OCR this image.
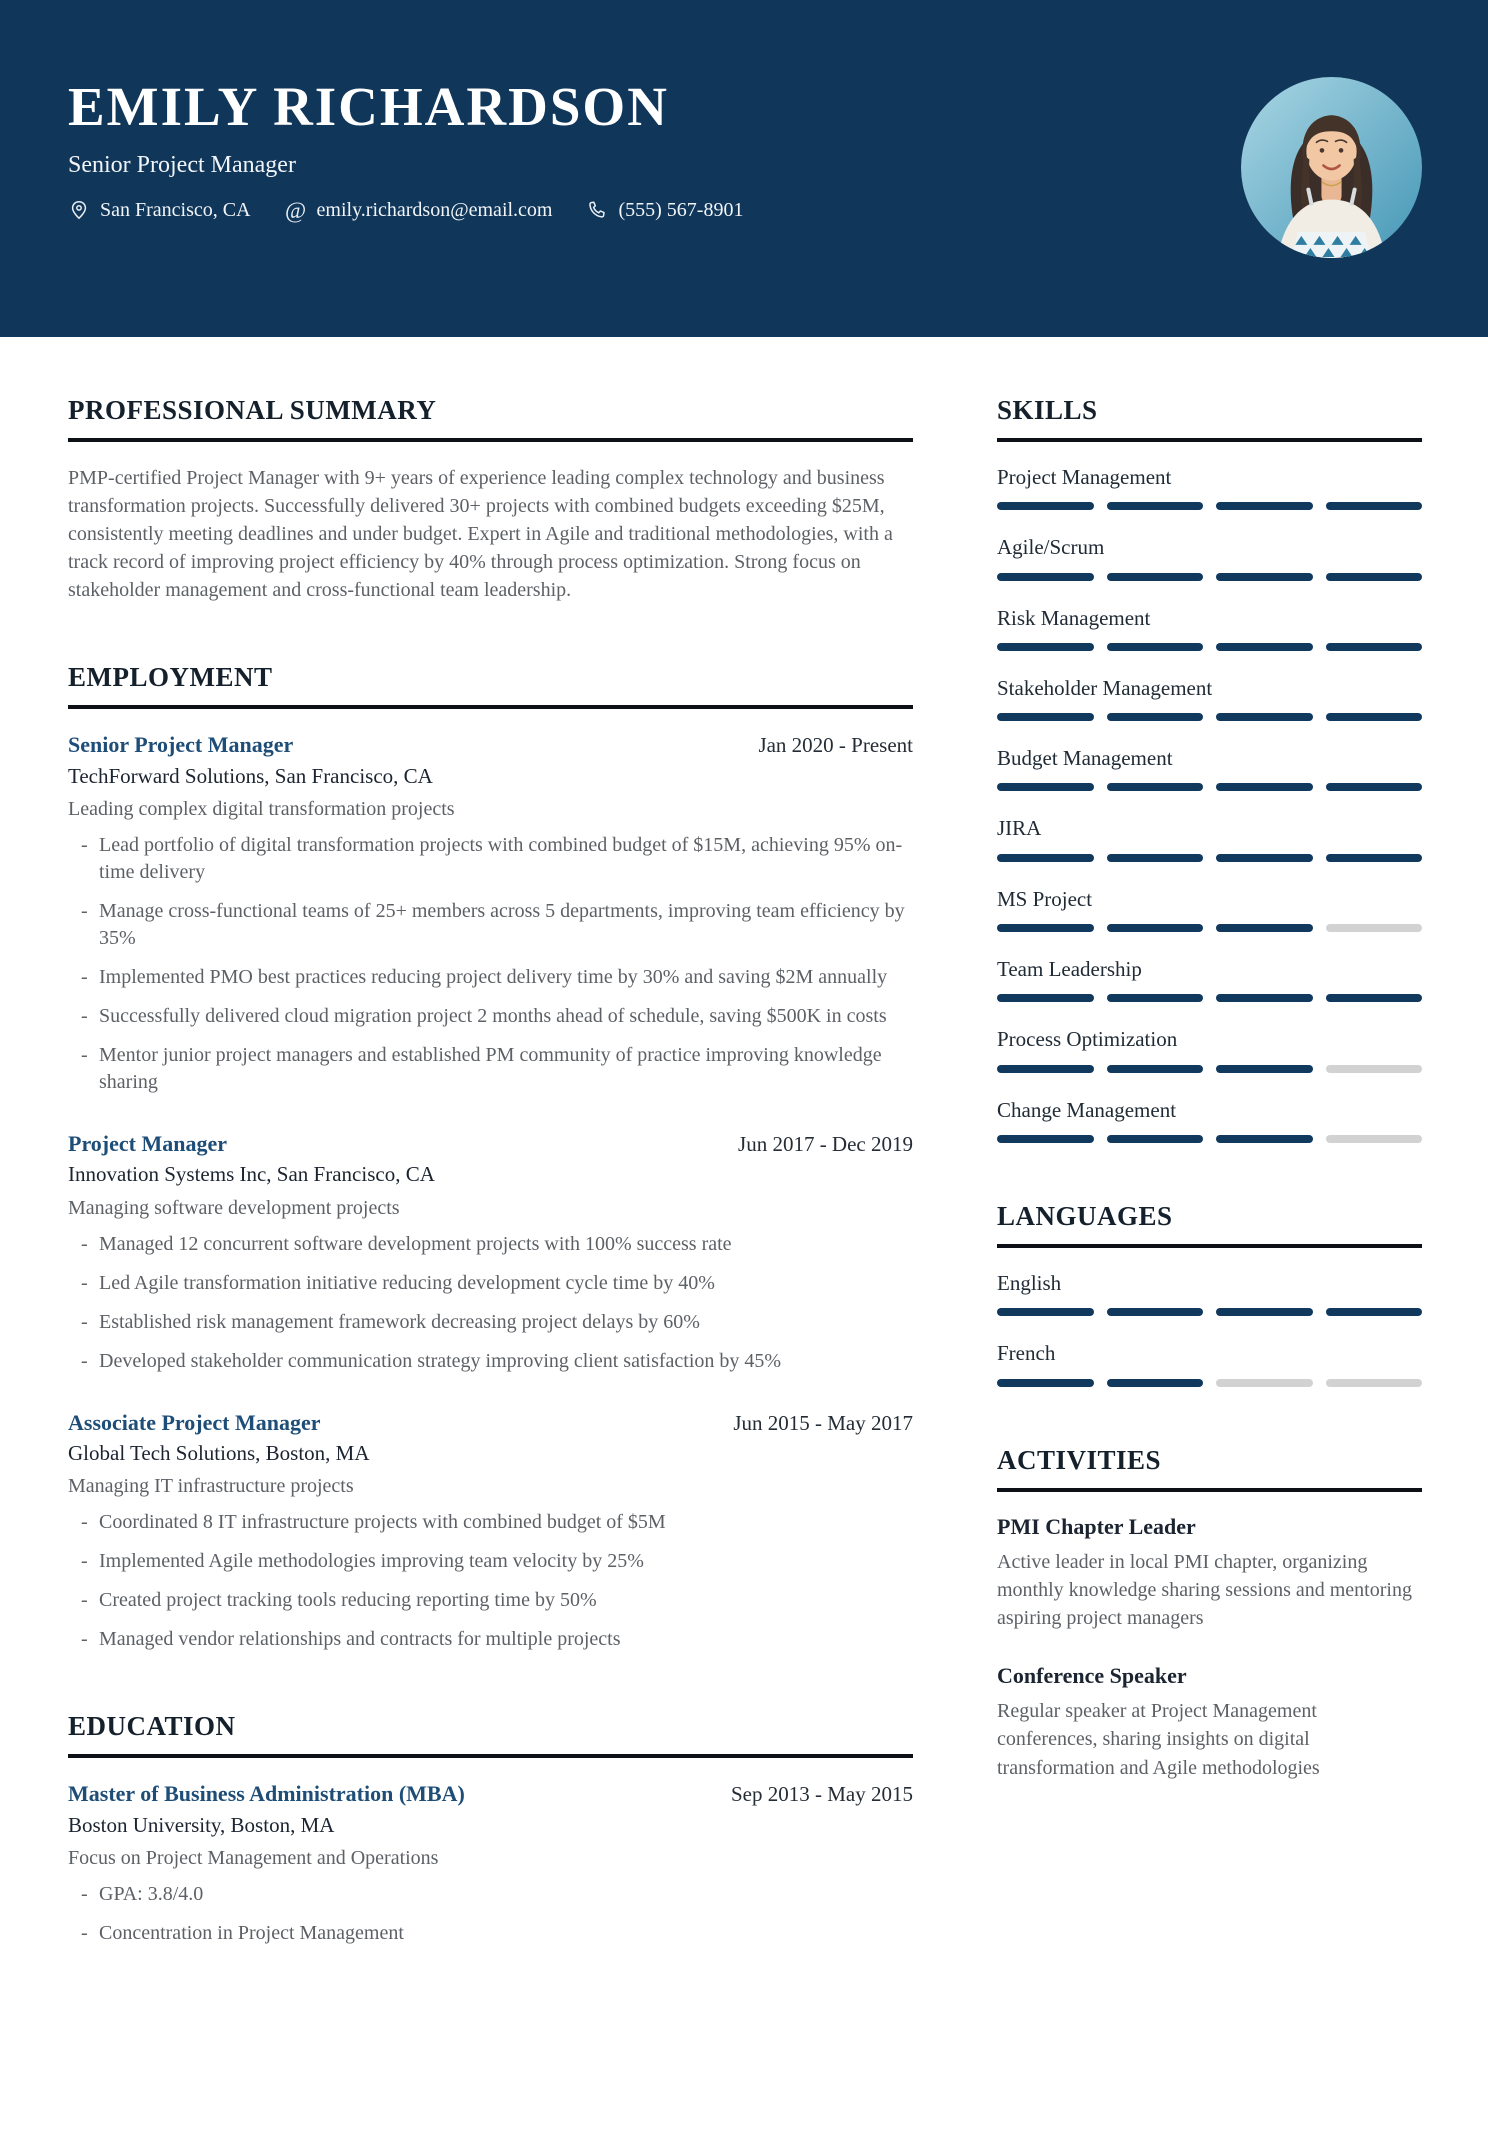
EMILY RICHARDSON

Senior Project Manager

San Francisco, CA @ emily.richardson@email.com	(555) 567-8901
PROFESSIONAL SUMMARY

PMP-certified Project Manager with 9+ years of experience leading complex technology and business transformation projects. Successfully delivered 30+ projects with combined budgets exceeding $25M, consistently meeting deadlines and under budget. Expert in Agile and traditional methodologies, with a track record of improving project efficiency by 40% through process optimization. Strong focus on stakeholder management and cross-functional team leadership.

EMPLOYMENT
Senior Project Manager	Jan 2020 - Present
TechForward Solutions, San Francisco, CA
Leading complex digital transformation projects
- Lead portfolio of digital transformation projects with combined budget of $15M, achieving 95% on-time delivery
- Manage cross-functional teams of 25+ members across 5 departments, improving team efficiency by 35%
- Implemented PMO best practices reducing project delivery time by 30% and saving $2M annually
- Successfully delivered cloud migration project 2 months ahead of schedule, saving $500K in costs
- Mentor junior project managers and established PM community of practice improving knowledge sharing
Project Manager	Jun 2017 - Dec 2019
Innovation Systems Inc, San Francisco, CA
Managing software development projects
- Managed 12 concurrent software development projects with 100% success rate
- Led Agile transformation initiative reducing development cycle time by 40%
- Established risk management framework decreasing project delays by 60%
- Developed stakeholder communication strategy improving client satisfaction by 45%
Associate Project Manager	Jun 2015 - May 2017
Global Tech Solutions, Boston, MA
Managing IT infrastructure projects
- Coordinated 8 IT infrastructure projects with combined budget of $5M
- Implemented Agile methodologies improving team velocity by 25%
- Created project tracking tools reducing reporting time by 50%
- Managed vendor relationships and contracts for multiple projects
EDUCATION
Master of Business Administration (MBA)	Sep 2013 - May 2015
Boston University, Boston, MA
Focus on Project Management and Operations
- GPA: 3.8/4.0
- Concentration in Project Management
SKILLS
Project Management
Agile/Scrum
Risk Management
Stakeholder Management
Budget Management
JIRA
MS Project
Team Leadership
Process Optimization
Change Management
LANGUAGES
English
French
ACTIVITIES
PMI Chapter Leader

Active leader in local PMI chapter, organizing monthly knowledge sharing sessions and mentoring aspiring project managers

Conference Speaker

Regular speaker at Project Management conferences, sharing insights on digital transformation and Agile methodologies
